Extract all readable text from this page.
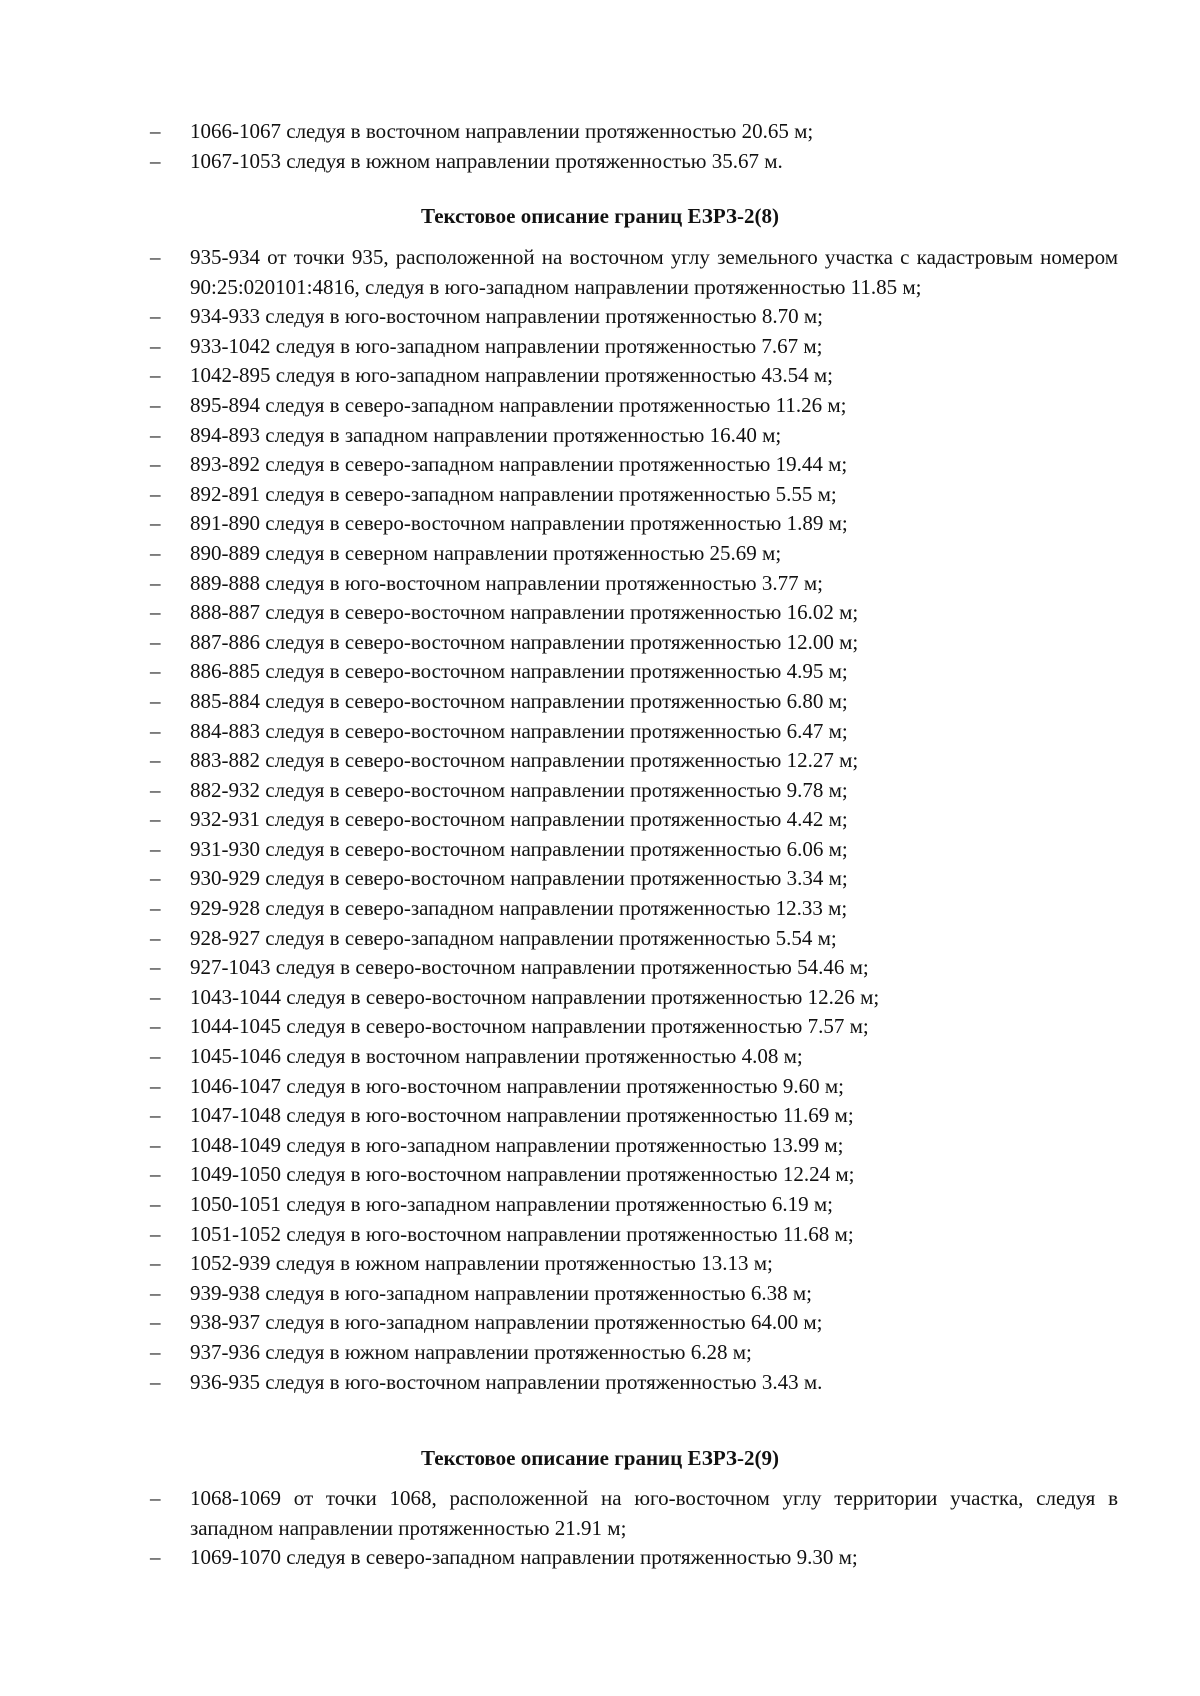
– 1066-1067 следуя в восточном направлении протяженностью 20.65 м;
– 1067-1053 следуя в южном направлении протяженностью 35.67 м.
Текстовое описание границ ЕЗРЗ-2(8)
– 935-934 от точки 935, расположенной на восточном углу земельного участка с кадастровым номером 90:25:020101:4816, следуя в юго-западном направлении протяженностью 11.85 м;
– 934-933 следуя в юго-восточном направлении протяженностью 8.70 м;
– 933-1042 следуя в юго-западном направлении протяженностью 7.67 м;
– 1042-895 следуя в юго-западном направлении протяженностью 43.54 м;
– 895-894 следуя в северо-западном направлении протяженностью 11.26 м;
– 894-893 следуя в западном направлении протяженностью 16.40 м;
– 893-892 следуя в северо-западном направлении протяженностью 19.44 м;
– 892-891 следуя в северо-западном направлении протяженностью 5.55 м;
– 891-890 следуя в северо-восточном направлении протяженностью 1.89 м;
– 890-889 следуя в северном направлении протяженностью 25.69 м;
– 889-888 следуя в юго-восточном направлении протяженностью 3.77 м;
– 888-887 следуя в северо-восточном направлении протяженностью 16.02 м;
– 887-886 следуя в северо-восточном направлении протяженностью 12.00 м;
– 886-885 следуя в северо-восточном направлении протяженностью 4.95 м;
– 885-884 следуя в северо-восточном направлении протяженностью 6.80 м;
– 884-883 следуя в северо-восточном направлении протяженностью 6.47 м;
– 883-882 следуя в северо-восточном направлении протяженностью 12.27 м;
– 882-932 следуя в северо-восточном направлении протяженностью 9.78 м;
– 932-931 следуя в северо-восточном направлении протяженностью 4.42 м;
– 931-930 следуя в северо-восточном направлении протяженностью 6.06 м;
– 930-929 следуя в северо-восточном направлении протяженностью 3.34 м;
– 929-928 следуя в северо-западном направлении протяженностью 12.33 м;
– 928-927 следуя в северо-западном направлении протяженностью 5.54 м;
– 927-1043 следуя в северо-восточном направлении протяженностью 54.46 м;
– 1043-1044 следуя в северо-восточном направлении протяженностью 12.26 м;
– 1044-1045 следуя в северо-восточном направлении протяженностью 7.57 м;
– 1045-1046 следуя в восточном направлении протяженностью 4.08 м;
– 1046-1047 следуя в юго-восточном направлении протяженностью 9.60 м;
– 1047-1048 следуя в юго-восточном направлении протяженностью 11.69 м;
– 1048-1049 следуя в юго-западном направлении протяженностью 13.99 м;
– 1049-1050 следуя в юго-восточном направлении протяженностью 12.24 м;
– 1050-1051 следуя в юго-западном направлении протяженностью 6.19 м;
– 1051-1052 следуя в юго-восточном направлении протяженностью 11.68 м;
– 1052-939 следуя в южном направлении протяженностью 13.13 м;
– 939-938 следуя в юго-западном направлении протяженностью 6.38 м;
– 938-937 следуя в юго-западном направлении протяженностью 64.00 м;
– 937-936 следуя в южном направлении протяженностью 6.28 м;
– 936-935 следуя в юго-восточном направлении протяженностью 3.43 м.
Текстовое описание границ ЕЗРЗ-2(9)
– 1068-1069 от точки 1068, расположенной на юго-восточном углу территории участка, следуя в западном направлении протяженностью 21.91 м;
– 1069-1070 следуя в северо-западном направлении протяженностью 9.30 м;
